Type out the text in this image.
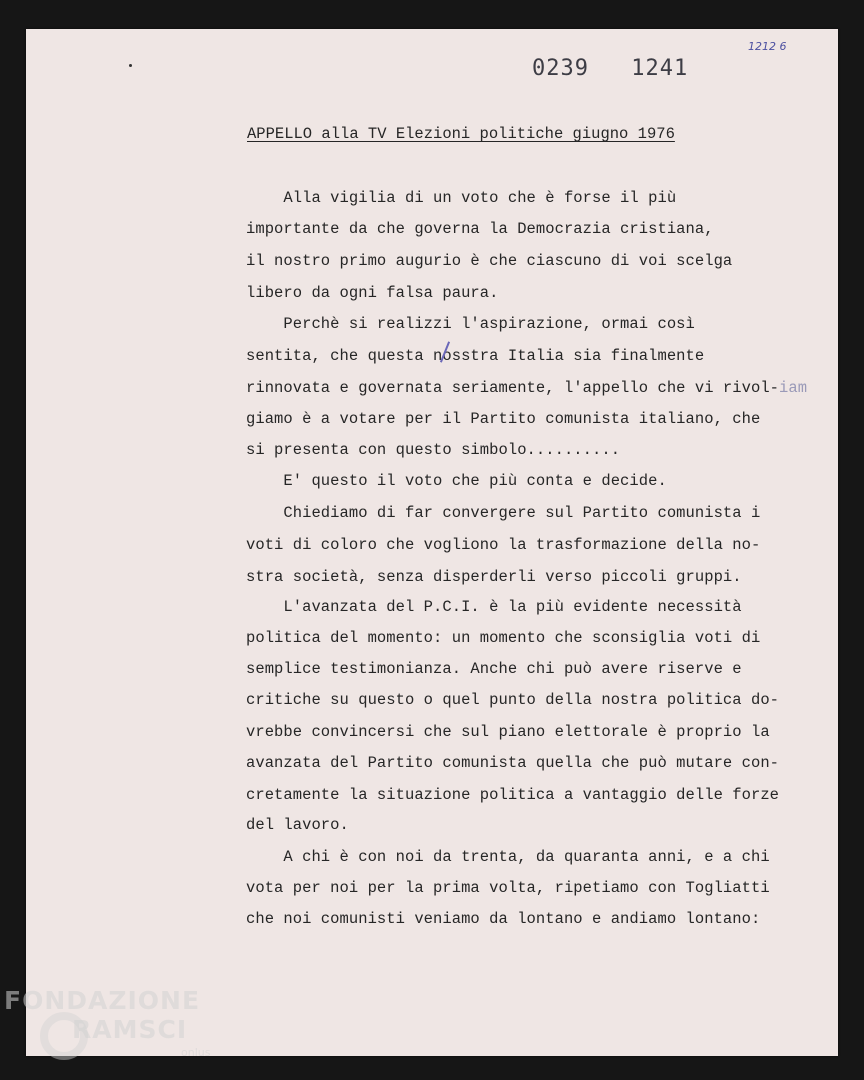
0239 1241
1212 6
APPELLO alla TV Elezioni politiche giugno 1976
Alla vigilia di un voto che è forse il più
importante da che governa la Democrazia cristiana,
il nostro primo augurio è che ciascuno di voi scelga
libero da ogni falsa paura.
Perchè si realizzi l'aspirazione, ormai così
sentita, che questa nosstra Italia sia finalmente
rinnovata e governata seriamente, l'appello che vi rivol-iam
giamo è a votare per il Partito comunista italiano, che
si presenta con questo simbolo..........
E' questo il voto che più conta e decide.
Chiediamo di far convergere sul Partito comunista i
voti di coloro che vogliono la trasformazione della no-
stra società, senza disperderli verso piccoli gruppi.
L'avanzata del P.C.I. è la più evidente necessità
politica del momento: un momento che sconsiglia voti di
semplice testimonianza. Anche chi può avere riserve e
critiche su questo o quel punto della nostra politica do-
vrebbe convincersi che sul piano elettorale è proprio la
avanzata del Partito comunista quella che può mutare con-
cretamente la situazione politica a vantaggio delle forze
del lavoro.
A chi è con noi da trenta, da quaranta anni, e a chi
vota per noi per la prima volta, ripetiamo con Togliatti
che noi comunisti veniamo da lontano e andiamo lontano:
FONDAZIONE
RAMSCI
onlus
